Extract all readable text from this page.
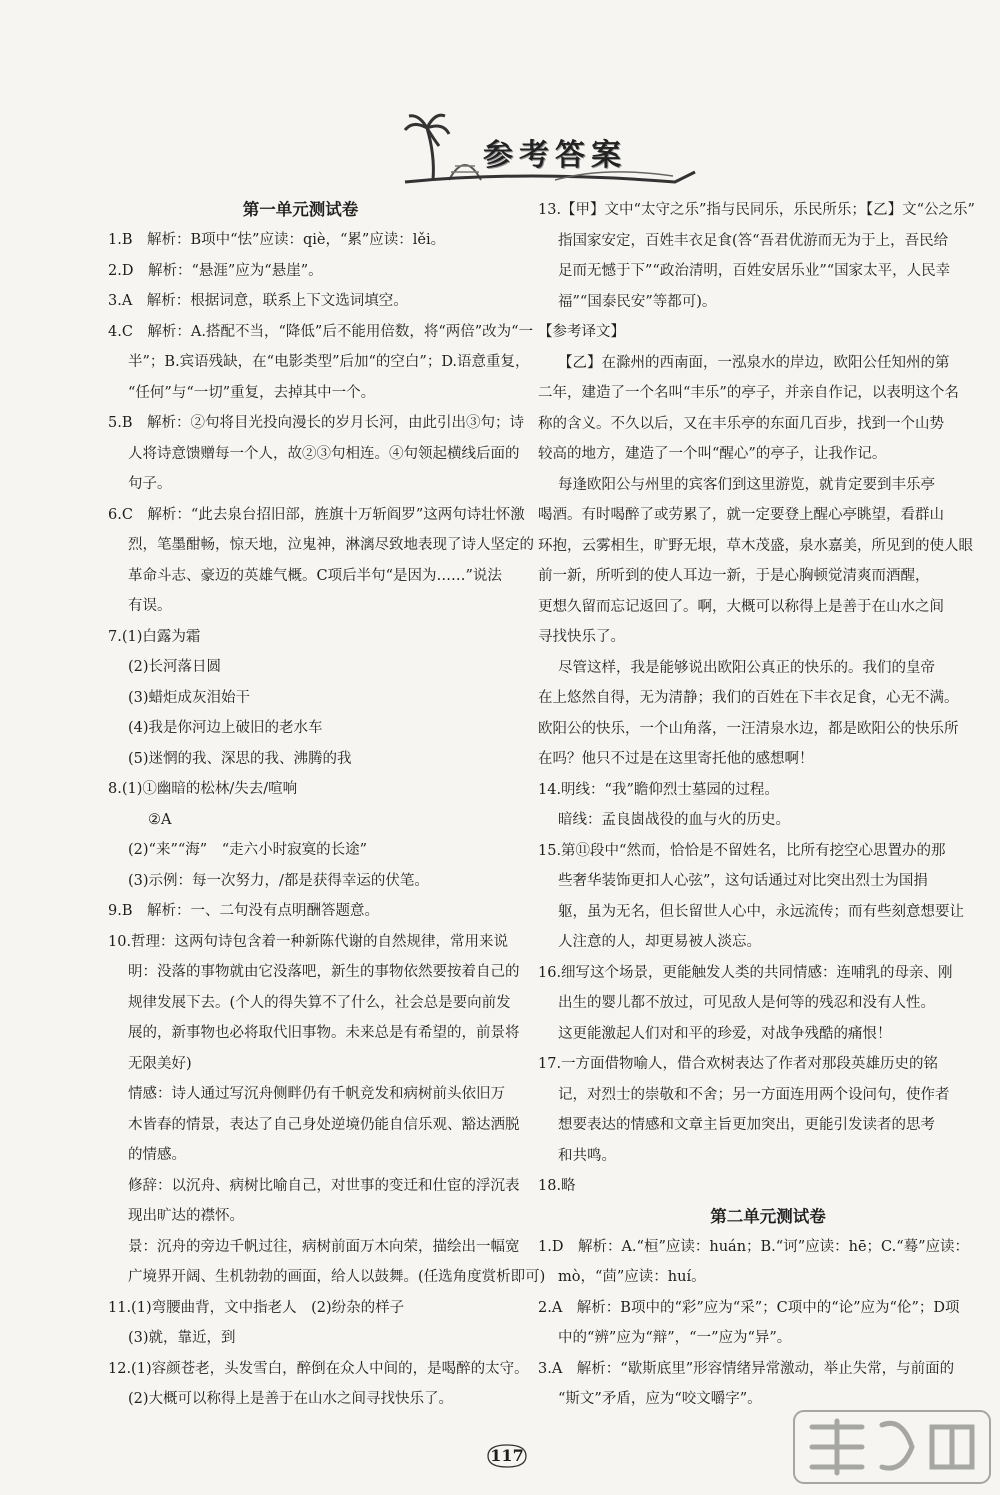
参考答案
第一单元测试卷
1.B　解析：B项中“怯”应读：qiè，“累”应读：lěi。
2.D　解析：“悬涯”应为“悬崖”。
3.A　解析：根据词意，联系上下文选词填空。
4.C　解析：A.搭配不当，“降低”后不能用倍数，将“两倍”改为“一
半”；B.宾语残缺，在“电影类型”后加“的空白”；D.语意重复，
“任何”与“一切”重复，去掉其中一个。
5.B　解析：②句将目光投向漫长的岁月长河，由此引出③句；诗
人将诗意馈赠每一个人，故②③句相连。④句领起横线后面的
句子。
6.C　解析：“此去泉台招旧部，旌旗十万斩阎罗”这两句诗壮怀激
烈，笔墨酣畅，惊天地，泣鬼神，淋漓尽致地表现了诗人坚定的
革命斗志、豪迈的英雄气概。C项后半句“是因为……”说法
有误。
7.(1)白露为霜
(2)长河落日圆
(3)蜡炬成灰泪始干
(4)我是你河边上破旧的老水车
(5)迷惘的我、深思的我、沸腾的我
8.(1)①幽暗的松林/失去/喧响
②A
(2)“来”“海”　“走六小时寂寞的长途”
(3)示例：每一次努力，/都是获得幸运的伏笔。
9.B　解析：一、二句没有点明酬答题意。
10.哲理：这两句诗包含着一种新陈代谢的自然规律，常用来说
明：没落的事物就由它没落吧，新生的事物依然要按着自己的
规律发展下去。(个人的得失算不了什么，社会总是要向前发
展的，新事物也必将取代旧事物。未来总是有希望的，前景将
无限美好)
情感：诗人通过写沉舟侧畔仍有千帆竞发和病树前头依旧万
木皆春的情景，表达了自己身处逆境仍能自信乐观、豁达洒脱
的情感。
修辞：以沉舟、病树比喻自己，对世事的变迁和仕宦的浮沉表
现出旷达的襟怀。
景：沉舟的旁边千帆过往，病树前面万木向荣，描绘出一幅宽
广境界开阔、生机勃勃的画面，给人以鼓舞。(任选角度赏析即可)
11.(1)弯腰曲背，文中指老人　(2)纷杂的样子
(3)就，靠近，到
12.(1)容颜苍老，头发雪白，醉倒在众人中间的，是喝醉的太守。
(2)大概可以称得上是善于在山水之间寻找快乐了。
13.【甲】文中“太守之乐”指与民同乐，乐民所乐；【乙】文“公之乐”
指国家安定，百姓丰衣足食(答“吾君优游而无为于上，吾民给
足而无憾于下”“政治清明，百姓安居乐业”“国家太平，人民幸
福”“国泰民安”等都可)。
【参考译文】
【乙】在滁州的西南面，一泓泉水的岸边，欧阳公任知州的第
二年，建造了一个名叫“丰乐”的亭子，并亲自作记，以表明这个名
称的含义。不久以后，又在丰乐亭的东面几百步，找到一个山势
较高的地方，建造了一个叫“醒心”的亭子，让我作记。
每逢欧阳公与州里的宾客们到这里游览，就肯定要到丰乐亭
喝酒。有时喝醉了或劳累了，就一定要登上醒心亭眺望，看群山
环抱，云雾相生，旷野无垠，草木茂盛，泉水嘉美，所见到的使人眼
前一新，所听到的使人耳边一新，于是心胸顿觉清爽而酒醒，
更想久留而忘记返回了。啊，大概可以称得上是善于在山水之间
寻找快乐了。
尽管这样，我是能够说出欧阳公真正的快乐的。我们的皇帝
在上悠然自得，无为清静；我们的百姓在下丰衣足食，心无不满。
欧阳公的快乐，一个山角落，一汪清泉水边，都是欧阳公的快乐所
在吗？他只不过是在这里寄托他的感想啊！
14.明线：“我”瞻仰烈士墓园的过程。
暗线：孟良崮战役的血与火的历史。
15.第⑪段中“然而，恰恰是不留姓名，比所有挖空心思置办的那
些奢华装饰更扣人心弦”，这句话通过对比突出烈士为国捐
躯，虽为无名，但长留世人心中，永远流传；而有些刻意想要让
人注意的人，却更易被人淡忘。
16.细写这个场景，更能触发人类的共同情感：连哺乳的母亲、刚
出生的婴儿都不放过，可见敌人是何等的残忍和没有人性。
这更能激起人们对和平的珍爱，对战争残酷的痛恨！
17.一方面借物喻人，借合欢树表达了作者对那段英雄历史的铭
记，对烈士的崇敬和不舍；另一方面连用两个设问句，使作者
想要表达的情感和文章主旨更加突出，更能引发读者的思考
和共鸣。
18.略
第二单元测试卷
1.D　解析：A.“桓”应读：huán；B.“诃”应读：hē；C.“蓦”应读：
mò，“茴”应读：huí。
2.A　解析：B项中的“彩”应为“采”；C项中的“论”应为“伦”；D项
中的“辨”应为“辩”，“一”应为“异”。
3.A　解析：“歇斯底里”形容情绪异常激动，举止失常，与前面的
“斯文”矛盾，应为“咬文嚼字”。
117
